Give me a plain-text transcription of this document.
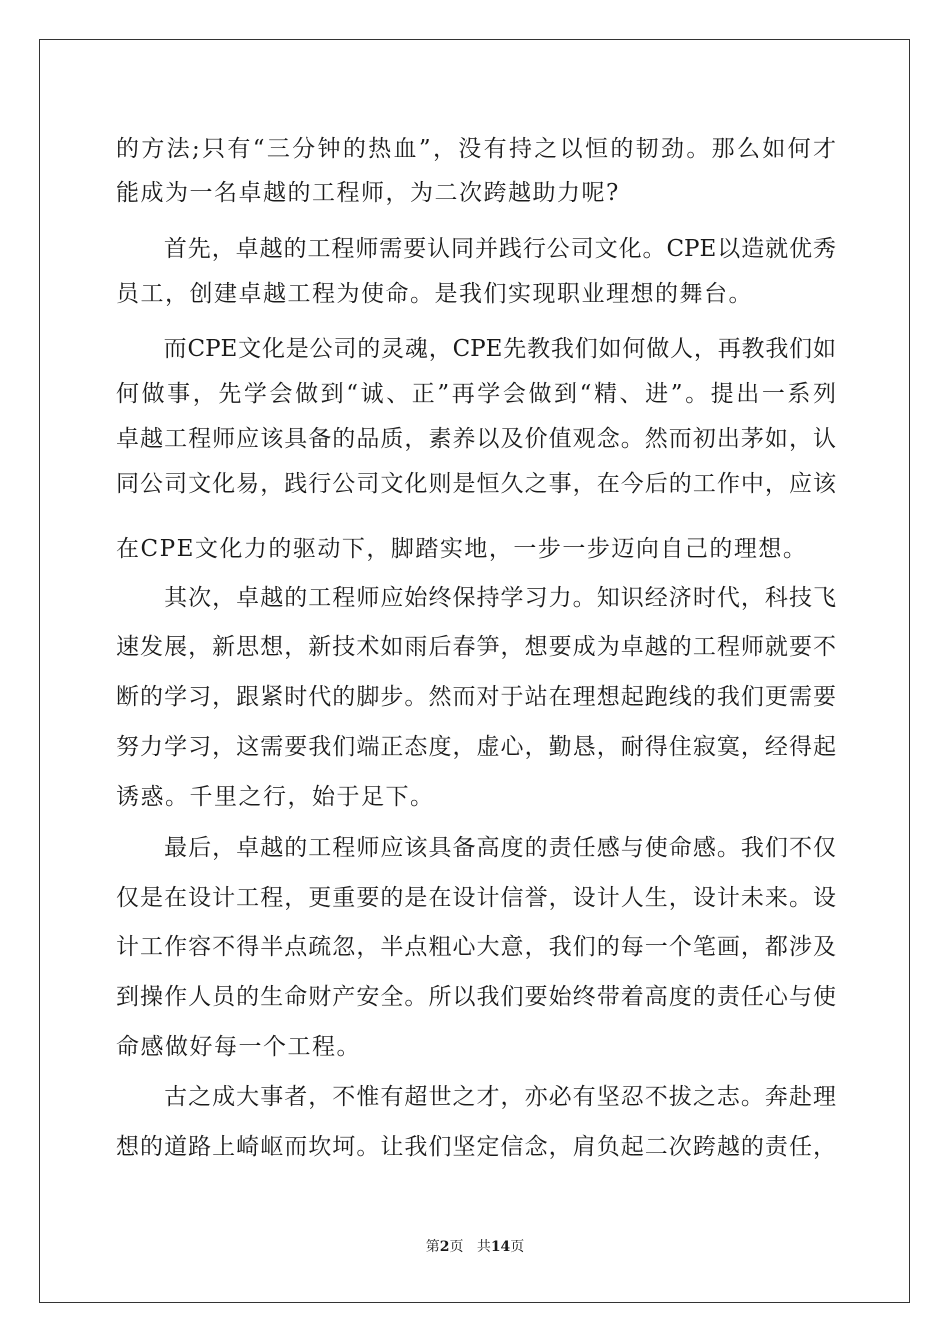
的方法;只有“三分钟的热血”，没有持之以恒的韧劲。那么如何才
能成为一名卓越的工程师，为二次跨越助力呢?
　　首先，卓越的工程师需要认同并践行公司文化。CPE以造就优秀
员工，创建卓越工程为使命。是我们实现职业理想的舞台。
　　而CPE文化是公司的灵魂，CPE先教我们如何做人，再教我们如
何做事，先学会做到“诚、正”再学会做到“精、进”。提出一系列
卓越工程师应该具备的品质，素养以及价值观念。然而初出茅如，认
同公司文化易，践行公司文化则是恒久之事，在今后的工作中，应该
在CPE文化力的驱动下，脚踏实地，一步一步迈向自己的理想。
　　其次，卓越的工程师应始终保持学习力。知识经济时代，科技飞
速发展，新思想，新技术如雨后春笋，想要成为卓越的工程师就要不
断的学习，跟紧时代的脚步。然而对于站在理想起跑线的我们更需要
努力学习，这需要我们端正态度，虚心，勤恳，耐得住寂寞，经得起
诱惑。千里之行，始于足下。
　　最后，卓越的工程师应该具备高度的责任感与使命感。我们不仅
仅是在设计工程，更重要的是在设计信誉，设计人生，设计未来。设
计工作容不得半点疏忽，半点粗心大意，我们的每一个笔画，都涉及
到操作人员的生命财产安全。所以我们要始终带着高度的责任心与使
命感做好每一个工程。
　　古之成大事者，不惟有超世之才，亦必有坚忍不拔之志。奔赴理
想的道路上崎岖而坎坷。让我们坚定信念，肩负起二次跨越的责任，
第2页 共14页
